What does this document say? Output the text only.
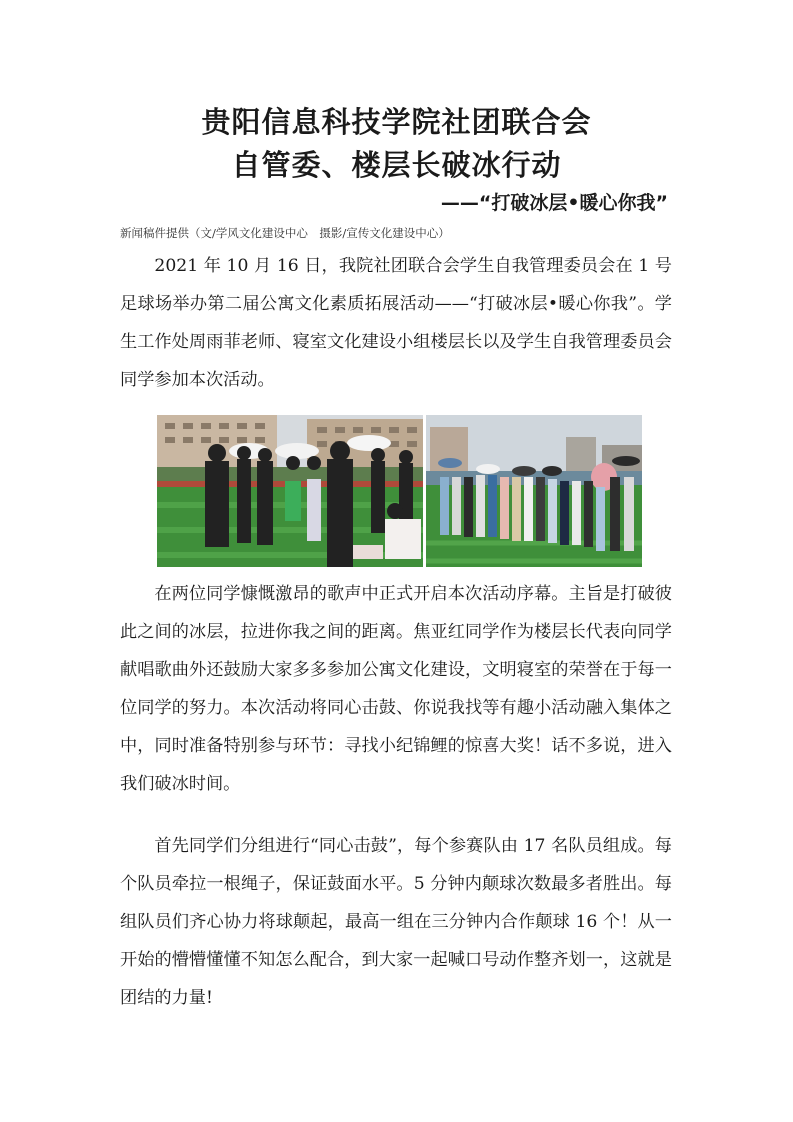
贵阳信息科技学院社团联合会
自管委、楼层长破冰行动
——“打破冰层•暖心你我”
新闻稿件提供（文/学风文化建设中心　摄影/宣传文化建设中心）

2021 年 10 月 16 日，我院社团联合会学生自我管理委员会在 1 号足球场举办第二届公寓文化素质拓展活动——“打破冰层•暖心你我”。学生工作处周雨菲老师、寝室文化建设小组楼层长以及学生自我管理委员会同学参加本次活动。

在两位同学慷慨激昂的歌声中正式开启本次活动序幕。主旨是打破彼此之间的冰层，拉进你我之间的距离。焦亚红同学作为楼层长代表向同学献唱歌曲外还鼓励大家多多参加公寓文化建设，文明寝室的荣誉在于每一位同学的努力。本次活动将同心击鼓、你说我找等有趣小活动融入集体之中，同时准备特别参与环节：寻找小纪锦鲤的惊喜大奖！话不多说，进入我们破冰时间。

首先同学们分组进行“同心击鼓”，每个参赛队由 17 名队员组成。每个队员牵拉一根绳子，保证鼓面水平。5 分钟内颠球次数最多者胜出。每组队员们齐心协力将球颠起，最高一组在三分钟内合作颠球 16 个！从一开始的懵懵懂懂不知怎么配合，到大家一起喊口号动作整齐划一，这就是团结的力量!
